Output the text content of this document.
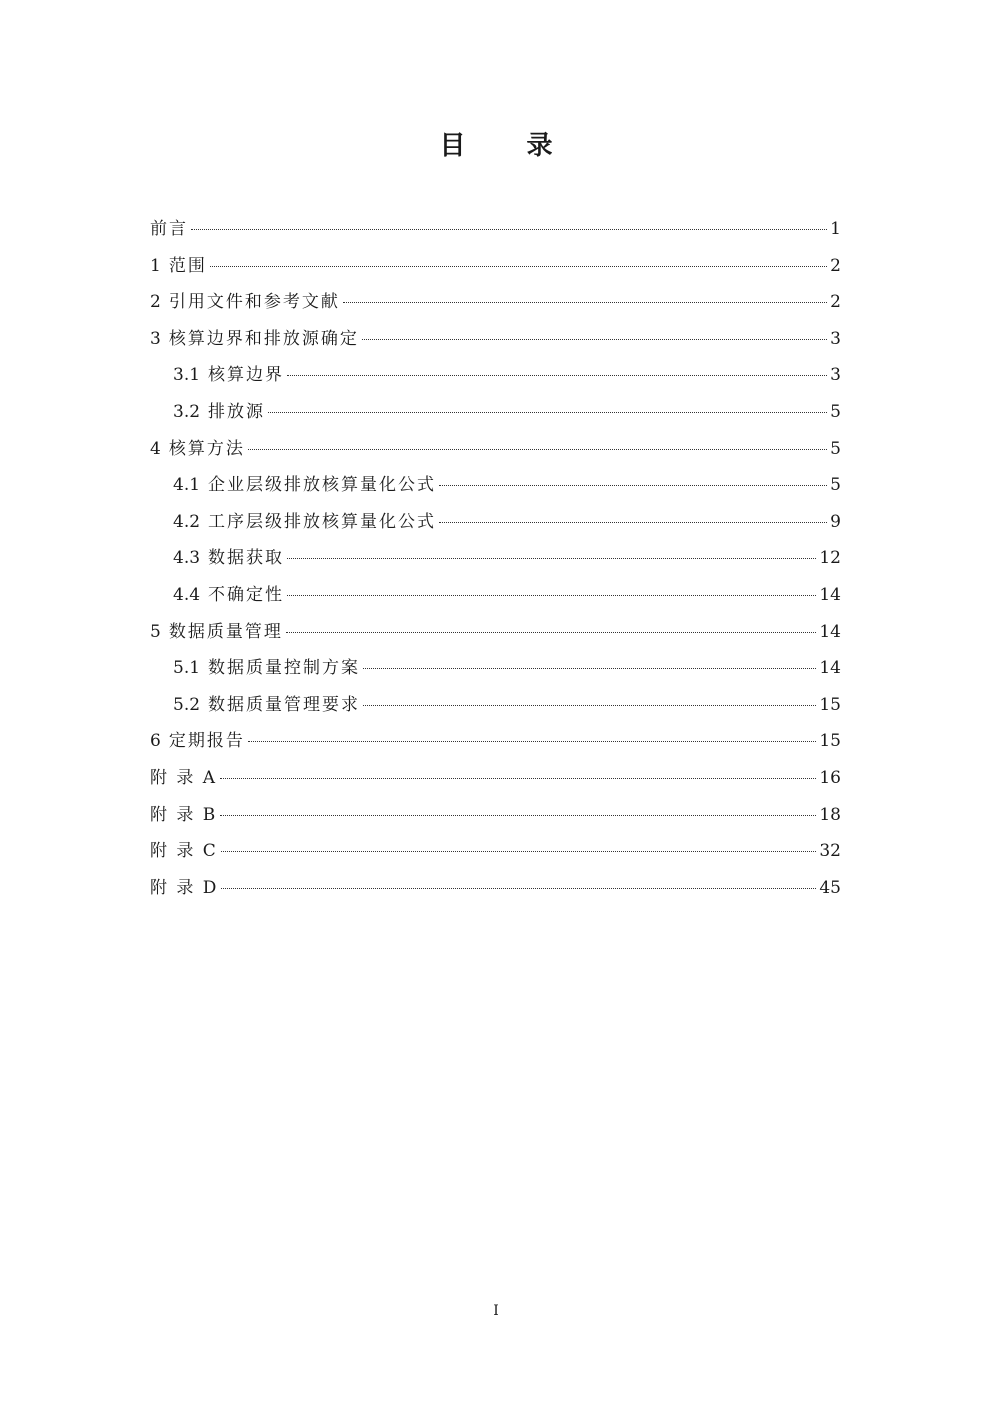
目 录
前言	1
1 范围	2
2 引用文件和参考文献	2
3 核算边界和排放源确定	3
3.1 核算边界	3
3.2 排放源	5
4 核算方法	5
4.1 企业层级排放核算量化公式	5
4.2 工序层级排放核算量化公式	9
4.3 数据获取	12
4.4 不确定性	14
5 数据质量管理	14
5.1 数据质量控制方案	14
5.2 数据质量管理要求	15
6 定期报告	15
附 录 A	16
附 录 B	18
附 录 C	32
附 录 D	45
I
